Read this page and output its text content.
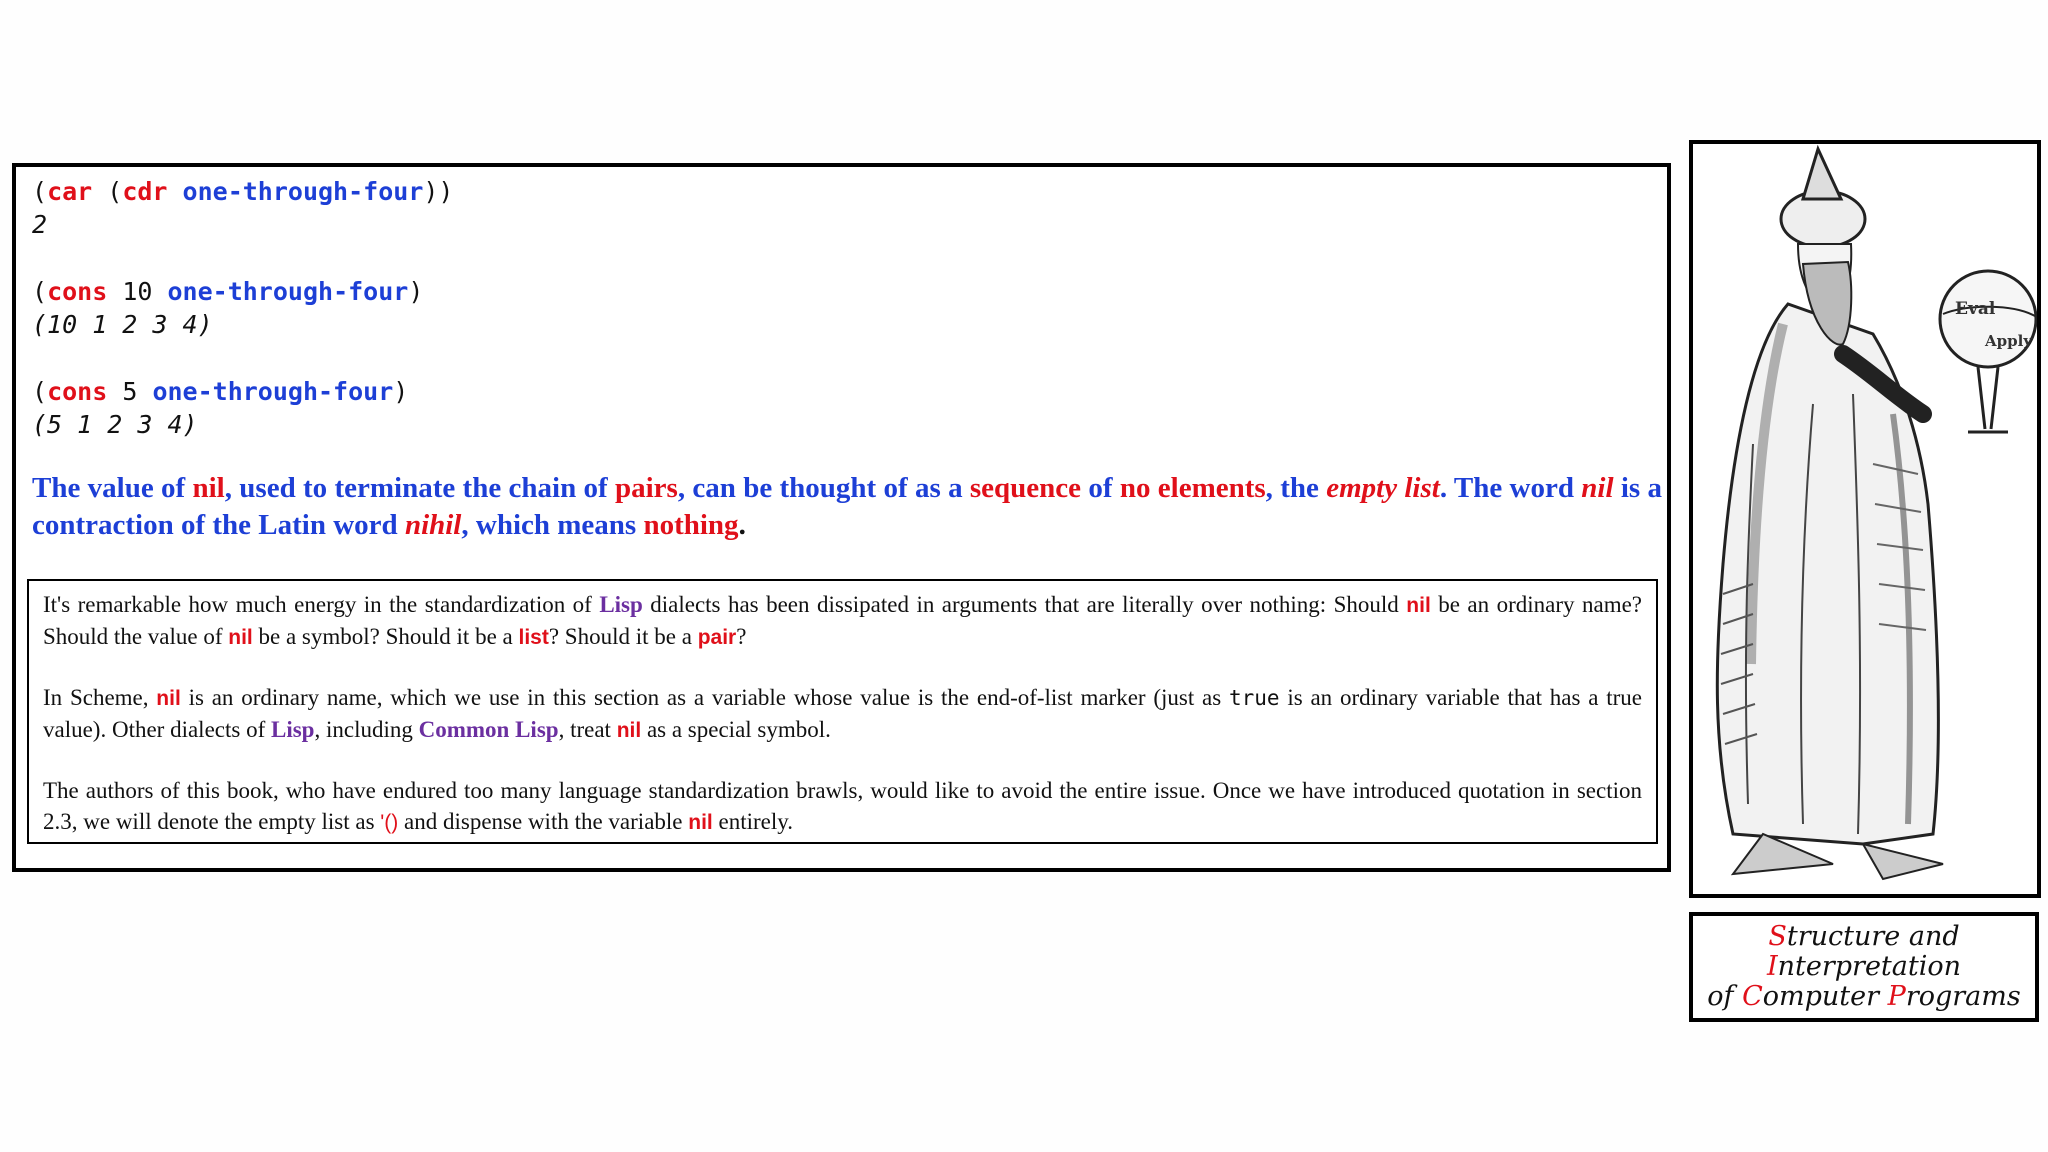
(car (cdr one-through-four))
2
(cons 10 one-through-four)
(10 1 2 3 4)
(cons 5 one-through-four)
(5 1 2 3 4)
The value of nil, used to terminate the chain of pairs, can be thought of as a sequence of no elements, the empty list. The word nil is a contraction of the Latin word nihil, which means nothing.

It's remarkable how much energy in the standardization of Lisp dialects has been dissipated in arguments that are literally over nothing: Should nil be an ordinary name? Should the value of nil be a symbol? Should it be a list? Should it be a pair?

In Scheme, nil is an ordinary name, which we use in this section as a variable whose value is the end-of-list marker (just as true is an ordinary variable that has a true value). Other dialects of Lisp, including Common Lisp, treat nil as a special symbol.

The authors of this book, who have endured too many language standardization brawls, would like to avoid the entire issue. Once we have introduced quotation in section 2.3, we will denote the empty list as '() and dispense with the variable nil entirely.

Eval
Apply
Structure and
Interpretation
of Computer Programs
